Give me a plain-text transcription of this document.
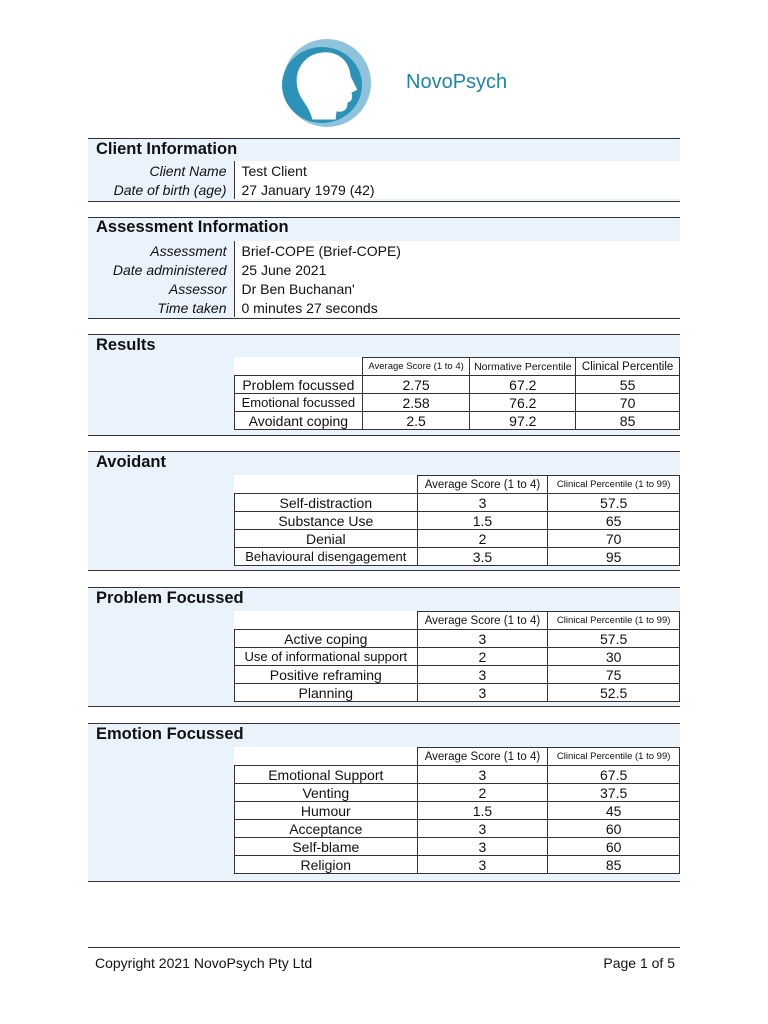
NovoPsych
Client Information
Client Name	Test Client
Date of birth (age)	27 January 1979 (42)
Assessment Information
Assessment	Brief-COPE (Brief-COPE)
Date administered	25 June 2021
Assessor	Dr Ben Buchanan'
Time taken	0 minutes 27 seconds
Results
	Average Score (1 to 4)	Normative Percentile	Clinical Percentile
Problem focussed	2.75	67.2	55
Emotional focussed	2.58	76.2	70
Avoidant coping	2.5	97.2	85
Avoidant
	Average Score (1 to 4)	Clinical Percentile (1 to 99)
Self-distraction	3	57.5
Substance Use	1.5	65
Denial	2	70
Behavioural disengagement	3.5	95
Problem Focussed
	Average Score (1 to 4)	Clinical Percentile (1 to 99)
Active coping	3	57.5
Use of informational support	2	30
Positive reframing	3	75
Planning	3	52.5
Emotion Focussed
	Average Score (1 to 4)	Clinical Percentile (1 to 99)
Emotional Support	3	67.5
Venting	2	37.5
Humour	1.5	45
Acceptance	3	60
Self-blame	3	60
Religion	3	85
Copyright 2021 NovoPsych Pty Ltd	Page 1 of 5
